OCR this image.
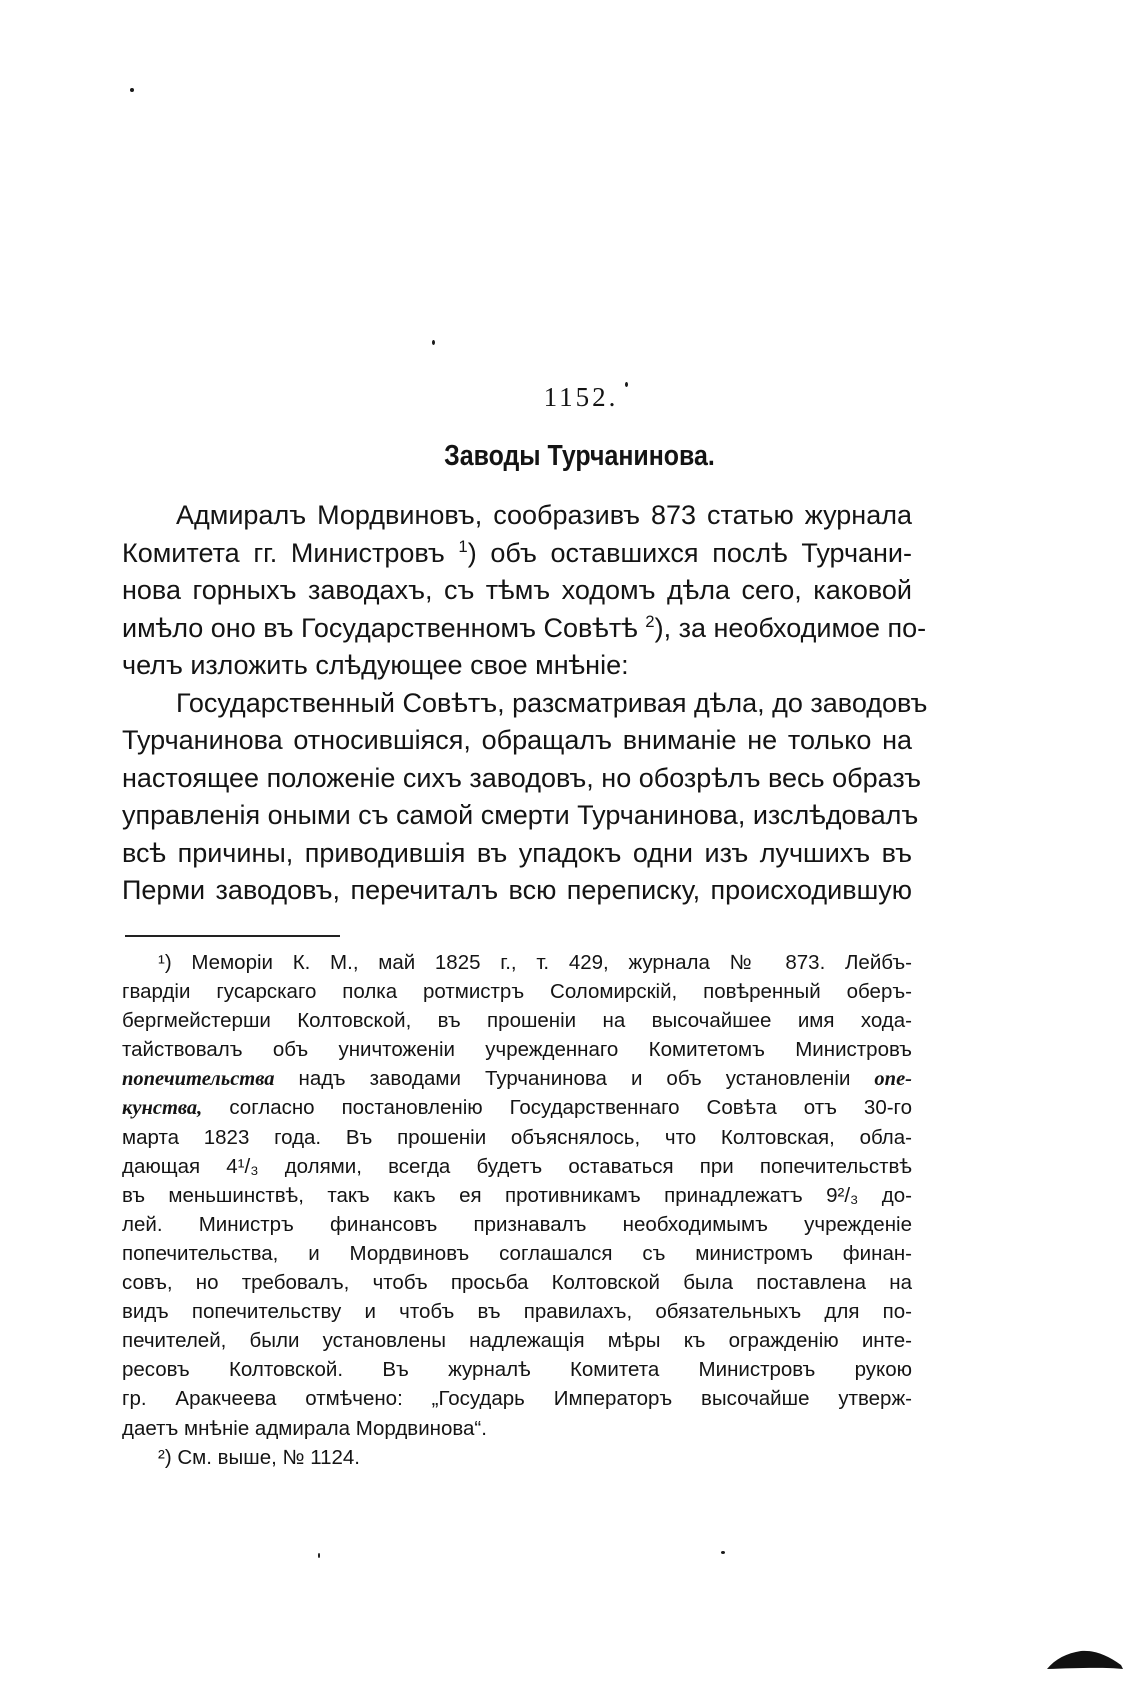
1152.
Заводы Турчанинова.
Адмиралъ Мордвиновъ, сообразивъ 873 статью журнала
Комитета гг. Министровъ $^1$) объ оставшихся послѣ Турчани-
нова горныхъ заводахъ, съ тѣмъ ходомъ дѣла сего, каковой
имѣло оно въ Государственномъ Совѣтѣ $^2$), за необходимое по-
челъ изложить слѣдующее свое мнѣніе:
Государственный Совѣтъ, разсматривая дѣла, до заводовъ
Турчанинова относившіяся, обращалъ вниманіе не только на
настоящее положеніе сихъ заводовъ, но обозрѣлъ весь образъ
управленія оными съ самой смерти Турчанинова, изслѣдовалъ
всѣ причины, приводившія въ упадокъ одни изъ лучшихъ въ
Перми заводовъ, перечиталъ всю переписку, происходившую
¹) Меморіи К. М., май 1825 г., т. 429, журнала № 873. Лейбъ-
гвардіи гусарскаго полка ротмистръ Соломирскій, повѣренный оберъ-
бергмейстерши Колтовской, въ прошеніи на высочайшее имя хода-
тайствовалъ объ уничтоженіи учрежденнаго Комитетомъ Министровъ
попечительства надъ заводами Турчанинова и объ установленіи опе-
кунства, согласно постановленію Государственнаго Совѣта отъ 30-го
марта 1823 года. Въ прошеніи объяснялось, что Колтовская, обла-
дающая 4¹/₃ долями, всегда будетъ оставаться при попечительствѣ
въ меньшинствѣ, такъ какъ ея противникамъ принадлежатъ 9²/₃ до-
лей. Министръ финансовъ признавалъ необходимымъ учрежденіе
попечительства, и Мордвиновъ соглашался съ министромъ финан-
совъ, но требовалъ, чтобъ просьба Колтовской была поставлена на
видъ попечительству и чтобъ въ правилахъ, обязательныхъ для по-
печителей, были установлены надлежащія мѣры къ огражденію инте-
ресовъ Колтовской. Въ журналѣ Комитета Министровъ рукою
гр. Аракчеева отмѣчено: „Государь Императоръ высочайше утверж-
даетъ мнѣніе адмирала Мордвинова“.
²) См. выше, № 1124.
